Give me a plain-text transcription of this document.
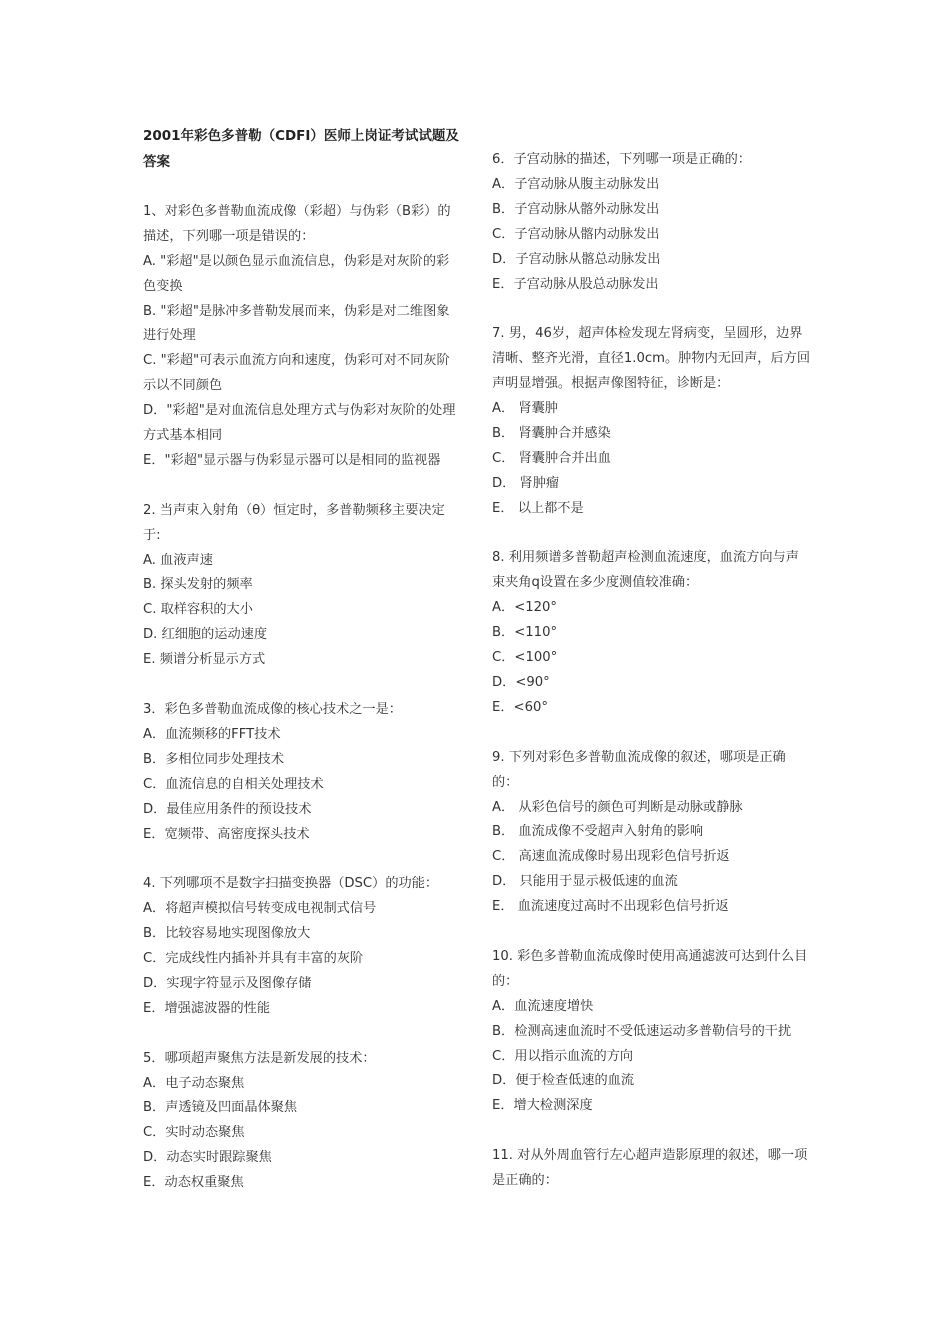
2001年彩色多普勒（CDFI）医师上岗证考试试题及答案
1、对彩色多普勒血流成像（彩超）与伪彩（B彩）的描述，下列哪一项是错误的：
A. "彩超"是以颜色显示血流信息，伪彩是对灰阶的彩色变换
B. "彩超"是脉冲多普勒发展而来，伪彩是对二维图象进行处理
C. "彩超"可表示血流方向和速度，伪彩可对不同灰阶示以不同颜色
D．"彩超"是对血流信息处理方式与伪彩对灰阶的处理方式基本相同
E．"彩超"显示器与伪彩显示器可以是相同的监视器
2. 当声束入射角（θ）恒定时，多普勒频移主要决定于:
A. 血液声速
B. 探头发射的频率
C. 取样容积的大小
D. 红细胞的运动速度
E. 频谱分析显示方式
3．彩色多普勒血流成像的核心技术之一是：
A．血流频移的FFT技术
B．多相位同步处理技术
C．血流信息的自相关处理技术
D．最佳应用条件的预设技术
E．宽频带、高密度探头技术
4. 下列哪项不是数字扫描变换器（DSC）的功能：
A．将超声模拟信号转变成电视制式信号
B．比较容易地实现图像放大
C．完成线性内插补并具有丰富的灰阶
D．实现字符显示及图像存储
E．增强滤波器的性能
5．哪项超声聚焦方法是新发展的技术：
A．电子动态聚焦
B．声透镜及凹面晶体聚焦
C．实时动态聚焦
D．动态实时跟踪聚焦
E．动态权重聚焦
6．子宫动脉的描述，下列哪一项是正确的：
A．子宫动脉从腹主动脉发出
B．子宫动脉从髂外动脉发出
C．子宫动脉从髂内动脉发出
D．子宫动脉从髂总动脉发出
E．子宫动脉从股总动脉发出
7. 男，46岁，超声体检发现左肾病变，呈圆形，边界清晰、整齐光滑，直径1.0cm。肿物内无回声，后方回声明显增强。根据声像图特征，诊断是：
A． 肾囊肿
B． 肾囊肿合并感染
C． 肾囊肿合并出血
D． 肾肿瘤
E． 以上都不是
8. 利用频谱多普勒超声检测血流速度，血流方向与声束夹角q设置在多少度测值较准确：
A．<120°
B．<110°
C．<100°
D．<90°
E．<60°
9. 下列对彩色多普勒血流成像的叙述，哪项是正确的：
A． 从彩色信号的颜色可判断是动脉或静脉
B． 血流成像不受超声入射角的影响
C． 高速血流成像时易出现彩色信号折返
D． 只能用于显示极低速的血流
E． 血流速度过高时不出现彩色信号折返
10. 彩色多普勒血流成像时使用高通滤波可达到什么目的：
A．血流速度增快
B．检测高速血流时不受低速运动多普勒信号的干扰
C．用以指示血流的方向
D．便于检查低速的血流
E．增大检测深度
11. 对从外周血管行左心超声造影原理的叙述，哪一项是正确的：
